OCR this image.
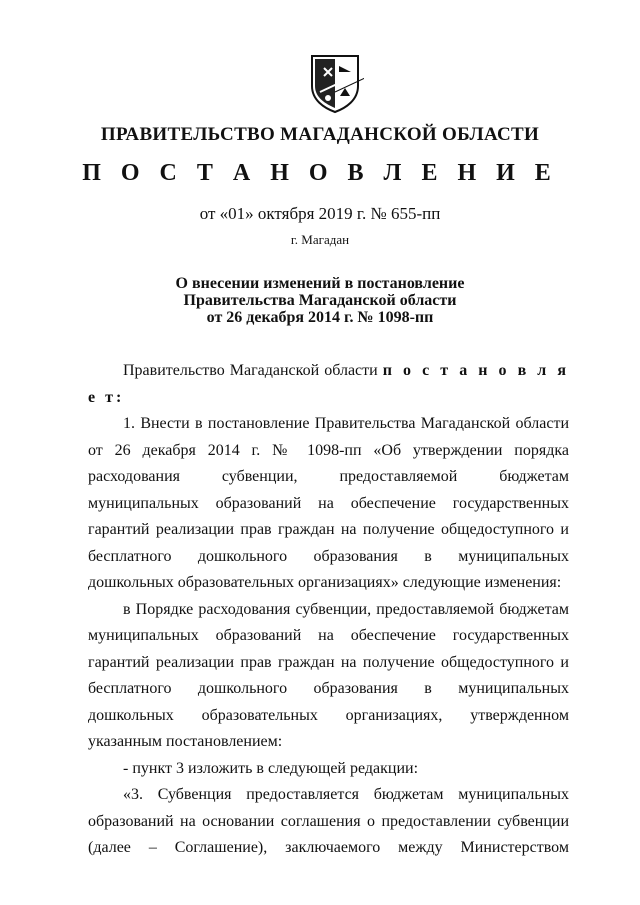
ПРАВИТЕЛЬСТВО МАГАДАНСКОЙ ОБЛАСТИ
П О С Т А Н О В Л Е Н И Е
от «01» октября 2019 г. № 655-пп
г. Магадан
О внесении изменений в постановление
Правительства Магаданской области
от 26 декабря 2014 г. № 1098-пп

Правительство Магаданской области п о с т а н о в л я е т:

1. Внести в постановление Правительства Магаданской области от 26 декабря 2014 г. № 1098-пп «Об утверждении порядка расходования субвенции, предоставляемой бюджетам муниципальных образований на обеспечение государственных гарантий реализации прав граждан на получение общедоступного и бесплатного дошкольного образования в муниципальных дошкольных образовательных организациях» следующие изменения:

в Порядке расходования субвенции, предоставляемой бюджетам муниципальных образований на обеспечение государственных гарантий реализации прав граждан на получение общедоступного и бесплатного дошкольного образования в муниципальных дошкольных образовательных организациях, утвержденном указанным постановлением:

- пункт 3 изложить в следующей редакции:

«3. Субвенция предоставляется бюджетам муниципальных образований на основании соглашения о предоставлении субвенции (далее – Соглашение), заключаемого между Министерством
